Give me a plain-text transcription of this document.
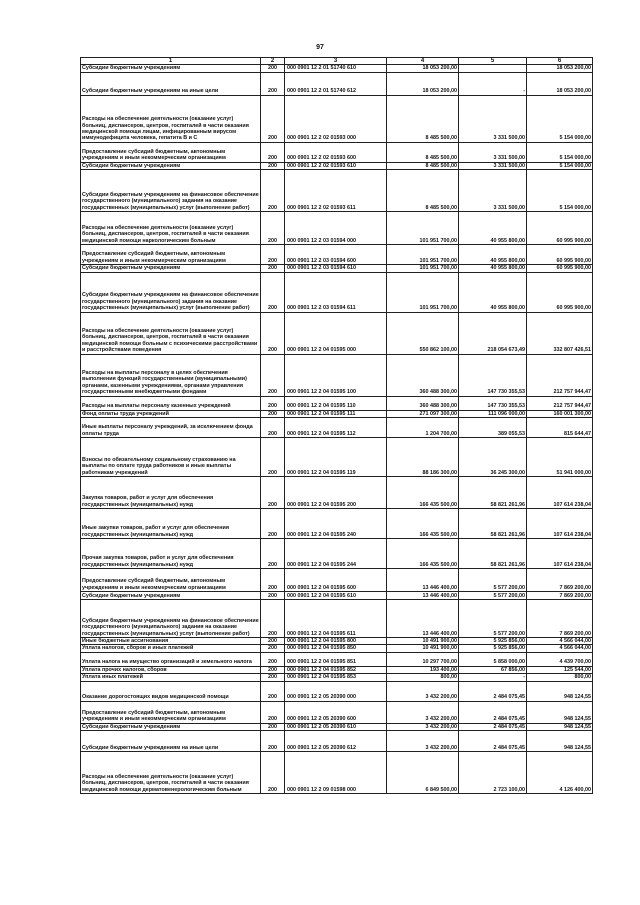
97
1	2	3	4	5	6
Субсидии бюджетным учреждениям	200	000 0901 12 2 01 51740 610	18 053 200,00		18 053 200,00
Субсидии бюджетным учреждениям на иные цели	200	000 0901 12 2 01 51740 612	18 053 200,00	-	18 053 200,00
Расходы на обеспечение деятельности (оказание услуг) больниц, диспансеров, центров, госпиталей в части оказания медицинской помощи лицам, инфицированным вирусом иммунодефицита человека, гепатита В и С	200	000 0901 12 2 02 01593 000	8 485 500,00	3 331 500,00	5 154 000,00
Предоставление субсидий бюджетным, автономным учреждениям и иным некоммерческим организациям	200	000 0901 12 2 02 01593 600	8 485 500,00	3 331 500,00	5 154 000,00
Субсидии бюджетным учреждениям	200	000 0901 12 2 02 01593 610	8 485 500,00	3 331 500,00	5 154 000,00
Субсидии бюджетным учреждениям на финансовое обеспечение государственного (муниципального) задания на оказание государственных (муниципальных) услуг (выполнение работ)	200	000 0901 12 2 02 01593 611	8 485 500,00	3 331 500,00	5 154 000,00
Расходы на обеспечение деятельности (оказание услуг) больниц, диспансеров, центров, госпиталей в части оказания медицинской помощи наркологическим больным	200	000 0901 12 2 03 01594 000	101 951 700,00	40 955 800,00	60 995 900,00
Предоставление субсидий бюджетным, автономным учреждениям и иным некоммерческим организациям	200	000 0901 12 2 03 01594 600	101 951 700,00	40 955 800,00	60 995 900,00
Субсидии бюджетным учреждениям	200	000 0901 12 2 03 01594 610	101 951 700,00	40 955 800,00	60 995 900,00
Субсидии бюджетным учреждениям на финансовое обеспечение государственного (муниципального) задания на оказание государственных (муниципальных) услуг (выполнение работ)	200	000 0901 12 2 03 01594 611	101 951 700,00	40 955 800,00	60 995 900,00
Расходы на обеспечение деятельности (оказание услуг) больниц, диспансеров, центров, госпиталей в части оказания медицинской помощи больным с психическими расстройствами и расстройствами поведения	200	000 0901 12 2 04 01595 000	550 862 100,00	218 054 673,49	332 807 426,51
Расходы на выплаты персоналу в целях обеспечения выполнения функций государственными (муниципальными) органами, казенными учреждениями, органами управления государственными внебюджетными фондами	200	000 0901 12 2 04 01595 100	360 488 300,00	147 730 355,53	212 757 944,47
Расходы на выплаты персоналу казенных учреждений	200	000 0901 12 2 04 01595 110	360 488 300,00	147 730 355,53	212 757 944,47
Фонд оплаты труда учреждений	200	000 0901 12 2 04 01595 111	271 097 300,00	111 096 000,00	160 001 300,00
Иные выплаты персоналу учреждений, за исключением фонда оплаты труда	200	000 0901 12 2 04 01595 112	1 204 700,00	389 055,53	815 644,47
Взносы по обязательному социальному страхованию на выплаты по оплате труда работников и иные выплаты работникам учреждений	200	000 0901 12 2 04 01595 119	88 186 300,00	36 245 300,00	51 941 000,00
Закупка товаров, работ и услуг для обеспечения государственных (муниципальных) нужд	200	000 0901 12 2 04 01595 200	166 435 500,00	58 821 261,96	107 614 238,04
Иные закупки товаров, работ и услуг для обеспечения государственных (муниципальных) нужд	200	000 0901 12 2 04 01595 240	166 435 500,00	58 821 261,96	107 614 238,04
Прочая закупка товаров, работ и услуг для обеспечения государственных (муниципальных) нужд	200	000 0901 12 2 04 01595 244	166 435 500,00	58 821 261,96	107 614 238,04
Предоставление субсидий бюджетным, автономным учреждениям и иным некоммерческим организациям	200	000 0901 12 2 04 01595 600	13 446 400,00	5 577 200,00	7 869 200,00
Субсидии бюджетным учреждениям	200	000 0901 12 2 04 01595 610	13 446 400,00	5 577 200,00	7 869 200,00
Субсидии бюджетным учреждениям на финансовое обеспечение государственного (муниципального) задания на оказание государственных (муниципальных) услуг (выполнение работ)	200	000 0901 12 2 04 01595 611	13 446 400,00	5 577 200,00	7 869 200,00
Иные бюджетные ассигнования	200	000 0901 12 2 04 01595 800	10 491 900,00	5 925 856,00	4 566 044,00
Уплата налогов, сборов и иных платежей	200	000 0901 12 2 04 01595 850	10 491 900,00	5 925 856,00	4 566 044,00
Уплата налога на имущество организаций и земельного налога	200	000 0901 12 2 04 01595 851	10 297 700,00	5 858 000,00	4 439 700,00
Уплата прочих налогов, сборов	200	000 0901 12 2 04 01595 852	193 400,00	67 856,00	125 544,00
Уплата иных платежей	200	000 0901 12 2 04 01595 853	800,00	-	800,00
Оказание дорогостоящих видов медицинской помощи	200	000 0901 12 2 05 20390 000	3 432 200,00	2 484 075,45	948 124,55
Предоставление субсидий бюджетным, автономным учреждениям и иным некоммерческим организациям	200	000 0901 12 2 05 20390 600	3 432 200,00	2 484 075,45	948 124,55
Субсидии бюджетным учреждениям	200	000 0901 12 2 05 20390 610	3 432 200,00	2 484 075,45	948 124,55
Субсидии бюджетным учреждениям на иные цели	200	000 0901 12 2 05 20390 612	3 432 200,00	2 484 075,45	948 124,55
Расходы на обеспечение деятельности (оказание услуг) больниц, диспансеров, центров, госпиталей в части оказания медицинской помощи дерматовенерологическим больным	200	000 0901 12 2 09 01598 000	6 849 500,00	2 723 100,00	4 126 400,00
